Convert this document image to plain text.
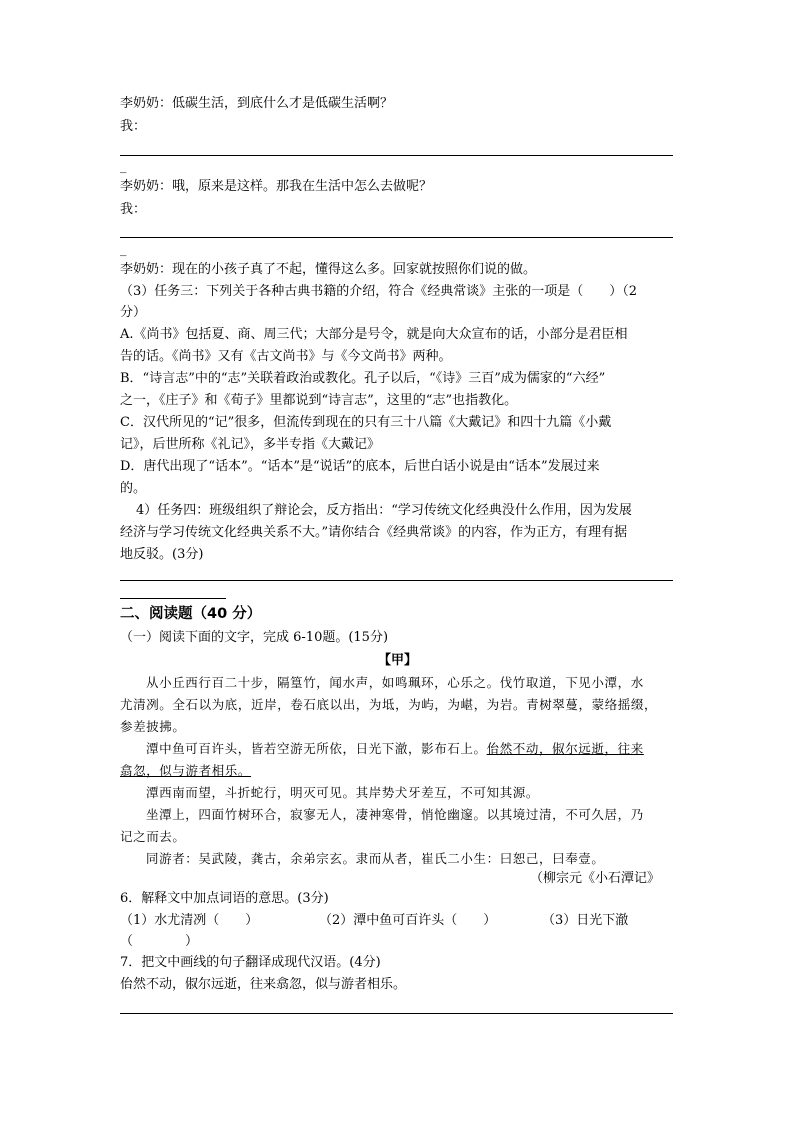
李奶奶：低碳生活，到底什么才是低碳生活啊？
我：
_
李奶奶：哦，原来是这样。那我在生活中怎么去做呢？
我：
_
李奶奶：现在的小孩子真了不起，懂得这么多。回家就按照你们说的做。
（3）任务三：下列关于各种古典书籍的介绍，符合《经典常谈》主张的一项是（　　）（2
分）
A.《尚书》包括夏、商、周三代；大部分是号令，就是向大众宣布的话，小部分是君臣相
告的话。《尚书》又有《古文尚书》与《今文尚书》两种。
B．“诗言志”中的“志”关联着政治或教化。孔子以后，“《诗》三百”成为儒家的“六经”
之一，《庄子》和《荀子》里都说到“诗言志”，这里的“志”也指教化。
C．汉代所见的“记”很多，但流传到现在的只有三十八篇《大戴记》和四十九篇《小戴
记》，后世所称《礼记》，多半专指《大戴记》
D．唐代出现了“话本”。“话本”是“说话”的底本，后世白话小说是由“话本”发展过来
的。
4）任务四：班级组织了辩论会，反方指出：“学习传统文化经典没什么作用，因为发展
经济与学习传统文化经典关系不大。”请你结合《经典常谈》的内容，作为正方，有理有据
地反驳。(3分)
二、阅读题（40 分）
（一）阅读下面的文字，完成 6-10题。(15分)
【甲】
从小丘西行百二十步，隔篁竹，闻水声，如鸣珮环，心乐之。伐竹取道，下见小潭，水
尤清冽。全石以为底，近岸，卷石底以出，为坻，为屿，为嵁，为岩。青树翠蔓，蒙络摇缀，
参差披拂。
潭中鱼可百许头，皆若空游无所依，日光下澈，影布石上。佁然不动，俶尔远逝，往来
翕忽，似与游者相乐。
潭西南而望，斗折蛇行，明灭可见。其岸势犬牙差互，不可知其源。
坐潭上，四面竹树环合，寂寥无人，凄神寒骨，悄怆幽邃。以其境过清，不可久居，乃
记之而去。
同游者：吴武陵，龚古，余弟宗玄。隶而从者，崔氏二小生：曰恕己，曰奉壹。
（柳宗元《小石潭记》
6．解释文中加点词语的意思。(3分)
（1）水尤清冽（　　）	（2）潭中鱼可百许头（　　）	（3）日光下澈
（　　　　）
7．把文中画线的句子翻译成现代汉语。(4分)
佁然不动，俶尔远逝，往来翕忽，似与游者相乐。
